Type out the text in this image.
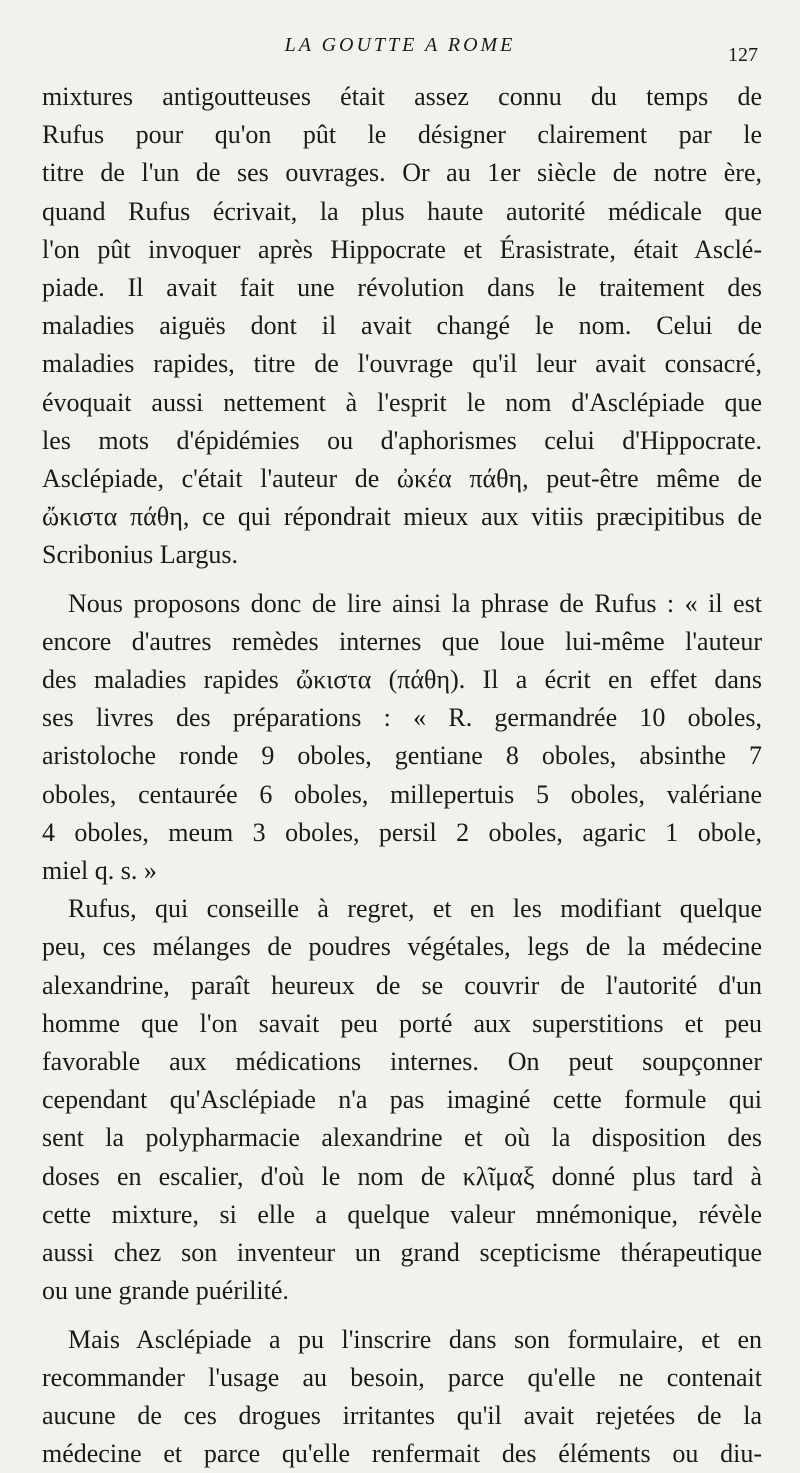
LA GOUTTE A ROME	127
mixtures antigoutteuses était assez connu du temps de
Rufus pour qu'on pût le désigner clairement par le
titre de l'un de ses ouvrages. Or au 1er siècle de notre ère,
quand Rufus écrivait, la plus haute autorité médicale que
l'on pût invoquer après Hippocrate et Érasistrate, était Asclé-
piade. Il avait fait une révolution dans le traitement des
maladies aiguës dont il avait changé le nom. Celui de
maladies rapides, titre de l'ouvrage qu'il leur avait consacré,
évoquait aussi nettement à l'esprit le nom d'Asclépiade que
les mots d'épidémies ou d'aphorismes celui d'Hippocrate.
Asclépiade, c'était l'auteur de ὠκέα πάθη, peut-être même de
ὤκιστα πάθη, ce qui répondrait mieux aux vitiis præcipitibus de
Scribonius Largus.
Nous proposons donc de lire ainsi la phrase de Rufus : « il est
encore d'autres remèdes internes que loue lui-même l'auteur
des maladies rapides ὤκιστα (πάθη). Il a écrit en effet dans
ses livres des préparations : « R. germandrée 10 oboles,
aristoloche ronde 9 oboles, gentiane 8 oboles, absinthe 7
oboles, centaurée 6 oboles, millepertuis 5 oboles, valériane
4 oboles, meum 3 oboles, persil 2 oboles, agaric 1 obole,
miel q. s. »
Rufus, qui conseille à regret, et en les modifiant quelque
peu, ces mélanges de poudres végétales, legs de la médecine
alexandrine, paraît heureux de se couvrir de l'autorité d'un
homme que l'on savait peu porté aux superstitions et peu
favorable aux médications internes. On peut soupçonner
cependant qu'Asclépiade n'a pas imaginé cette formule qui
sent la polypharmacie alexandrine et où la disposition des
doses en escalier, d'où le nom de κλῖμαξ donné plus tard à
cette mixture, si elle a quelque valeur mnémonique, révèle
aussi chez son inventeur un grand scepticisme thérapeutique
ou une grande puérilité.
Mais Asclépiade a pu l'inscrire dans son formulaire, et en
recommander l'usage au besoin, parce qu'elle ne contenait
aucune de ces drogues irritantes qu'il avait rejetées de la
médecine et parce qu'elle renfermait des éléments ou diu-
